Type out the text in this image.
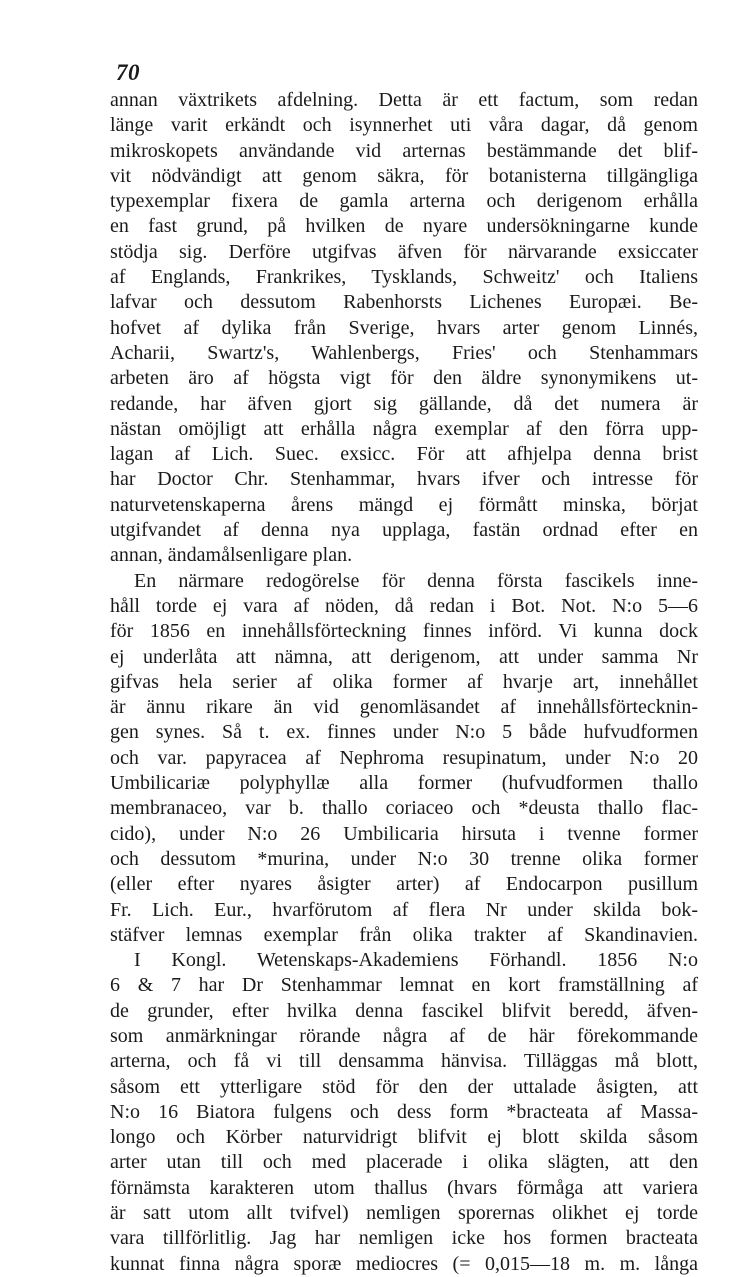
70
annan växtrikets afdelning. Detta är ett factum, som redan
länge varit erkändt och isynnerhet uti våra dagar, då genom
mikroskopets användande vid arternas bestämmande det blif-
vit nödvändigt att genom säkra, för botanisterna tillgängliga
typexemplar fixera de gamla arterna och derigenom erhålla
en fast grund, på hvilken de nyare undersökningarne kunde
stödja sig. Derföre utgifvas äfven för närvarande exsiccater
af Englands, Frankrikes, Tysklands, Schweitz' och Italiens
lafvar och dessutom Rabenhorsts Lichenes Europæi. Be-
hofvet af dylika från Sverige, hvars arter genom Linnés,
Acharii, Swartz's, Wahlenbergs, Fries' och Stenhammars
arbeten äro af högsta vigt för den äldre synonymikens ut-
redande, har äfven gjort sig gällande, då det numera är
nästan omöjligt att erhålla några exemplar af den förra upp-
lagan af Lich. Suec. exsicc. För att afhjelpa denna brist
har Doctor Chr. Stenhammar, hvars ifver och intresse för
naturvetenskaperna årens mängd ej förmått minska, börjat
utgifvandet af denna nya upplaga, fastän ordnad efter en
annan, ändamålsenligare plan.
En närmare redogörelse för denna första fascikels inne-
håll torde ej vara af nöden, då redan i Bot. Not. N:o 5—6
för 1856 en innehållsförteckning finnes införd. Vi kunna dock
ej underlåta att nämna, att derigenom, att under samma Nr
gifvas hela serier af olika former af hvarje art, innehållet
är ännu rikare än vid genomläsandet af innehållsförtecknin-
gen synes. Så t. ex. finnes under N:o 5 både hufvudformen
och var. papyracea af Nephroma resupinatum, under N:o 20
Umbilicariæ polyphyllæ alla former (hufvudformen thallo
membranaceo, var b. thallo coriaceo och *deusta thallo flac-
cido), under N:o 26 Umbilicaria hirsuta i tvenne former
och dessutom *murina, under N:o 30 trenne olika former
(eller efter nyares åsigter arter) af Endocarpon pusillum
Fr. Lich. Eur., hvarförutom af flera Nr under skilda bok-
stäfver lemnas exemplar från olika trakter af Skandinavien.
I Kongl. Wetenskaps-Akademiens Förhandl. 1856 N:o
6 & 7 har Dr Stenhammar lemnat en kort framställning af
de grunder, efter hvilka denna fascikel blifvit beredd, äfven-
som anmärkningar rörande några af de här förekommande
arterna, och få vi till densamma hänvisa. Tilläggas må blott,
såsom ett ytterligare stöd för den der uttalade åsigten, att
N:o 16 Biatora fulgens och dess form *bracteata af Massa-
longo och Körber naturvidrigt blifvit ej blott skilda såsom
arter utan till och med placerade i olika slägten, att den
förnämsta karakteren utom thallus (hvars förmåga att variera
är satt utom allt tvifvel) nemligen sporernas olikhet ej torde
vara tillförlitlig. Jag har nemligen icke hos formen bracteata
kunnat finna några sporæ mediocres (= 0,015—18 m. m. långa
